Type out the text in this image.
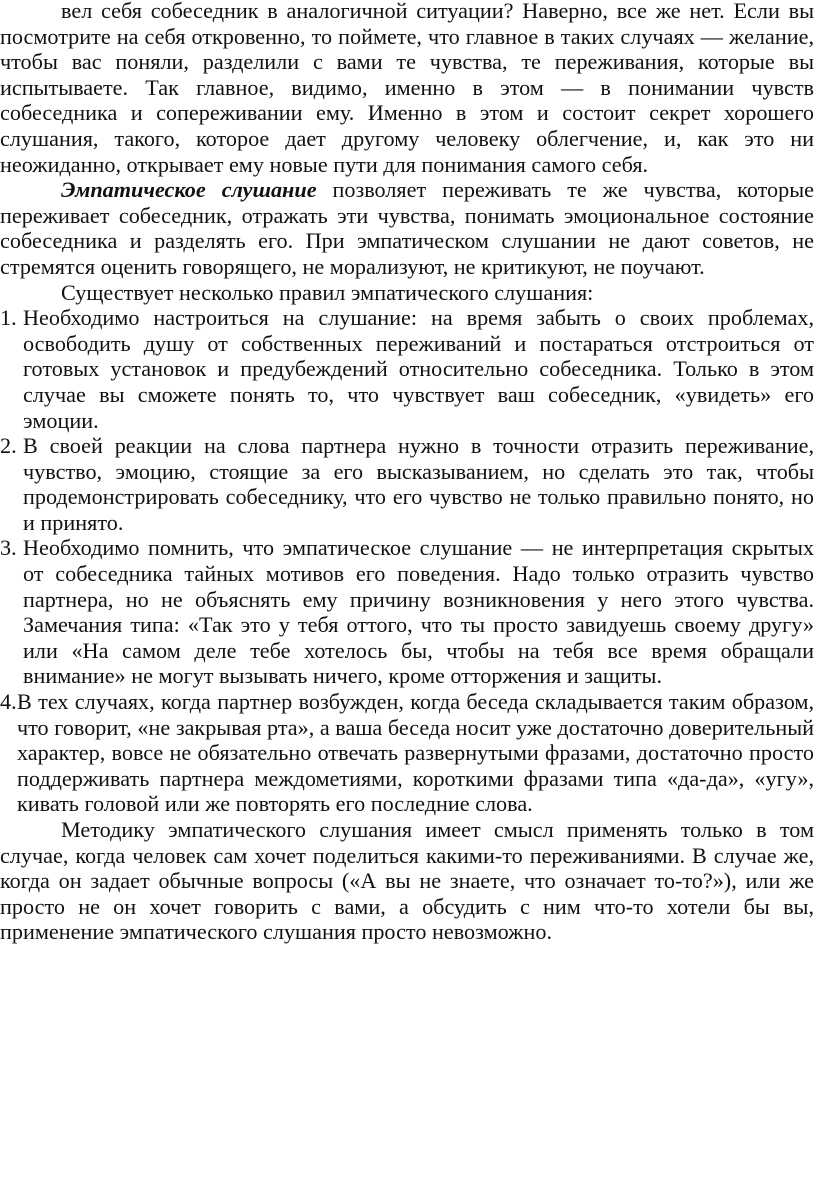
вел себя собеседник в аналогичной ситуации? Наверно, все же нет. Если вы посмотрите на себя откровенно, то поймете, что главное в таких случаях — желание, чтобы вас поняли, разделили с вами те чувства, те переживания, которые вы испытываете. Так главное, видимо, именно в этом — в понимании чувств собеседника и сопереживании ему. Именно в этом и состоит секрет хорошего слушания, такого, которое дает другому человеку облегчение, и, как это ни неожиданно, открывает ему новые пути для понимания самого себя.

Эмпатическое слушание позволяет переживать те же чувства, которые переживает собеседник, отражать эти чувства, понимать эмоциональное состояние собеседника и разделять его. При эмпатическом слушании не дают советов, не стремятся оценить говорящего, не морализуют, не критикуют, не поучают.

Существует несколько правил эмпатического слушания:

1. Необходимо настроиться на слушание: на время забыть о своих проблемах, освободить душу от собственных переживаний и постараться отстроиться от готовых установок и предубеждений относительно собеседника. Только в этом случае вы сможете понять то, что чувствует ваш собеседник, «увидеть» его эмоции.
2. В своей реакции на слова партнера нужно в точности отразить переживание, чувство, эмоцию, стоящие за его высказыванием, но сделать это так, чтобы продемонстрировать собеседнику, что его чувство не только правильно понято, но и принято.
3. Необходимо помнить, что эмпатическое слушание — не интерпретация скрытых от собеседника тайных мотивов его поведения. Надо только отразить чувство партнера, но не объяснять ему причину возникновения у него этого чувства. Замечания типа: «Так это у тебя оттого, что ты просто завидуешь своему другу» или «На самом деле тебе хотелось бы, чтобы на тебя все время обращали внимание» не могут вызывать ничего, кроме отторжения и защиты.
4. В тех случаях, когда партнер возбужден, когда беседа складывается таким образом, что говорит, «не закрывая рта», а ваша беседа носит уже достаточно доверительный характер, вовсе не обязательно отвечать развернутыми фразами, достаточно просто поддерживать партнера междометиями, короткими фразами типа «да-да», «угу», кивать головой или же повторять его последние слова.

Методику эмпатического слушания имеет смысл применять только в том случае, когда человек сам хочет поделиться какими-то переживаниями. В случае же, когда он задает обычные вопросы («А вы не знаете, что означает то-то?»), или же просто не он хочет говорить с вами, а обсудить с ним что-то хотели бы вы, применение эмпатического слушания просто невозможно.
